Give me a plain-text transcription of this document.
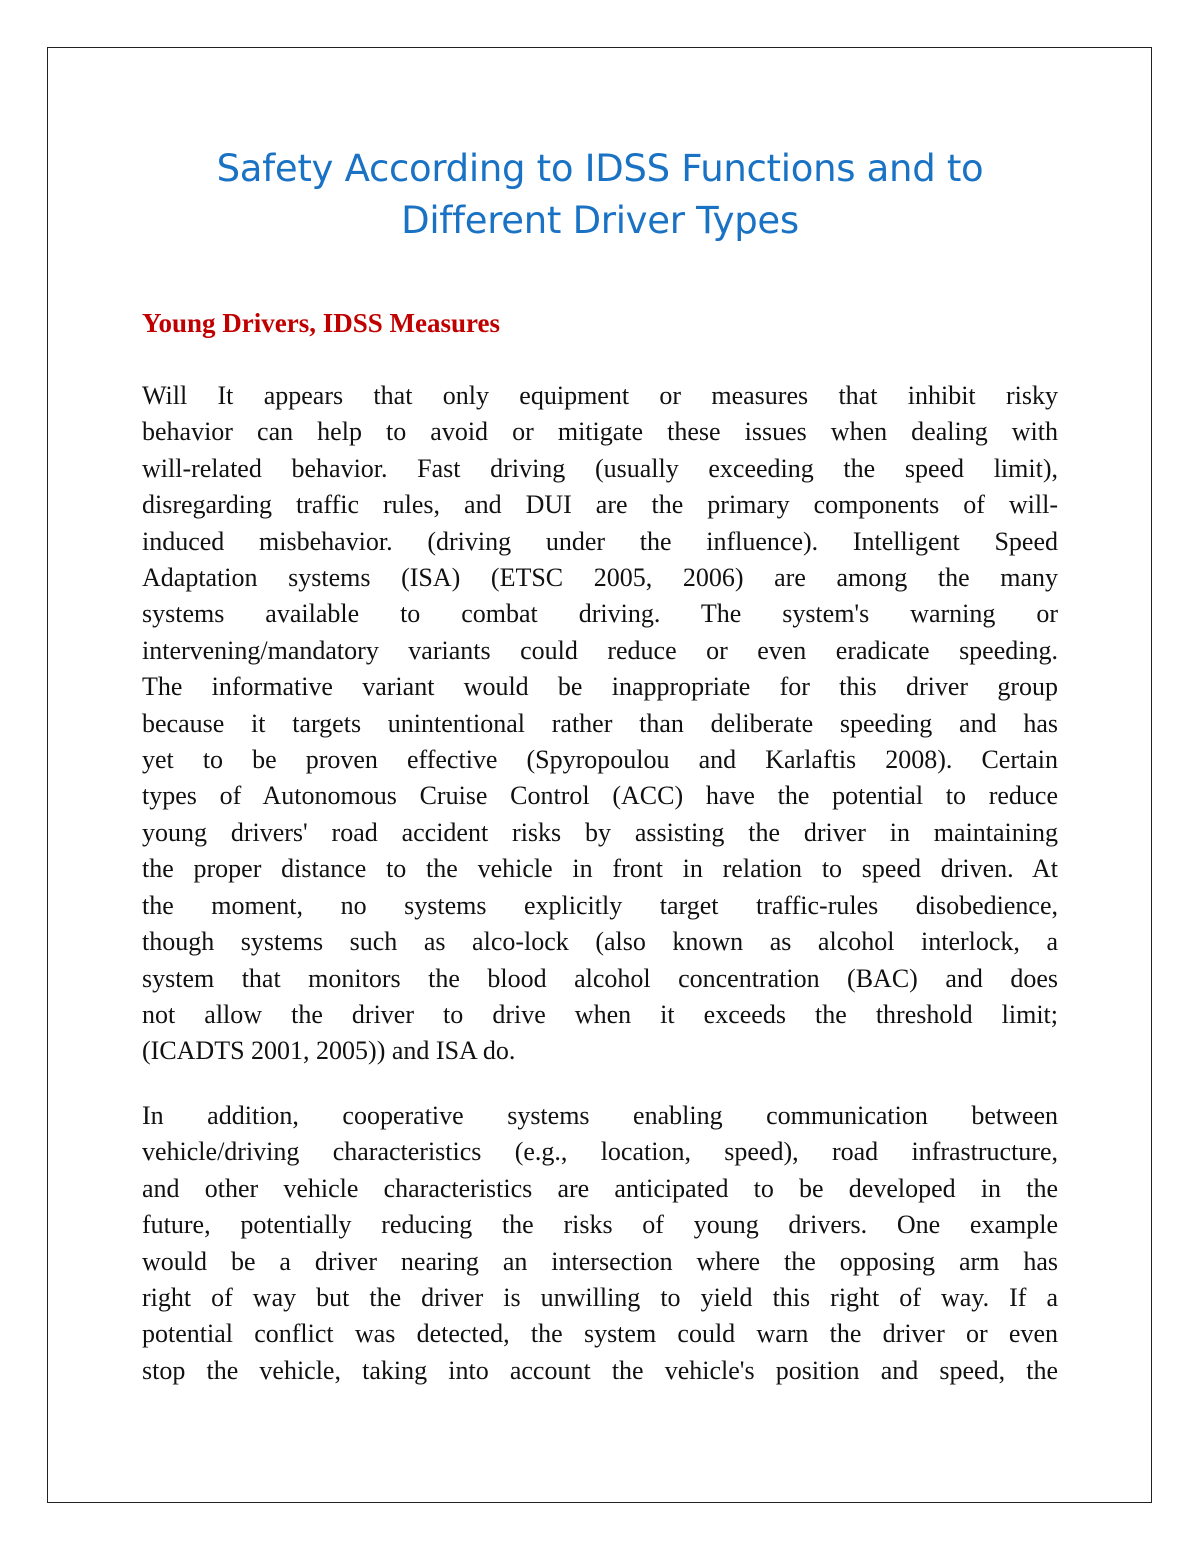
Safety According to IDSS Functions and to
Different Driver Types
Young Drivers, IDSS Measures

Will It appears that only equipment or measures that inhibit risky
behavior can help to avoid or mitigate these issues when dealing with
will-related behavior. Fast driving (usually exceeding the speed limit),
disregarding traffic rules, and DUI are the primary components of will-
induced misbehavior. (driving under the influence). Intelligent Speed
Adaptation systems (ISA) (ETSC 2005, 2006) are among the many
systems available to combat driving. The system's warning or
intervening/mandatory variants could reduce or even eradicate speeding.
The informative variant would be inappropriate for this driver group
because it targets unintentional rather than deliberate speeding and has
yet to be proven effective (Spyropoulou and Karlaftis 2008). Certain
types of Autonomous Cruise Control (ACC) have the potential to reduce
young drivers' road accident risks by assisting the driver in maintaining
the proper distance to the vehicle in front in relation to speed driven. At
the moment, no systems explicitly target traffic-rules disobedience,
though systems such as alco-lock (also known as alcohol interlock, a
system that monitors the blood alcohol concentration (BAC) and does
not allow the driver to drive when it exceeds the threshold limit;
(ICADTS 2001, 2005)) and ISA do.

In addition, cooperative systems enabling communication between
vehicle/driving characteristics (e.g., location, speed), road infrastructure,
and other vehicle characteristics are anticipated to be developed in the
future, potentially reducing the risks of young drivers. One example
would be a driver nearing an intersection where the opposing arm has
right of way but the driver is unwilling to yield this right of way. If a
potential conflict was detected, the system could warn the driver or even
stop the vehicle, taking into account the vehicle's position and speed, the
